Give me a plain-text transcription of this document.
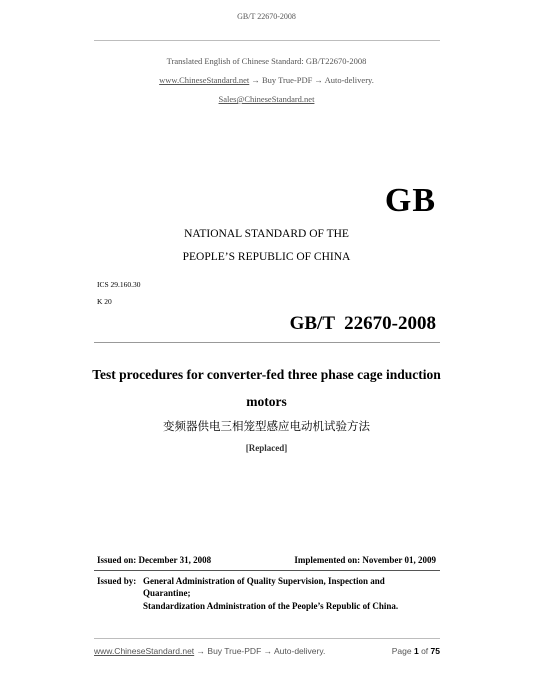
GB/T 22670-2008
Translated English of Chinese Standard: GB/T22670-2008
www.ChineseStandard.net → Buy True-PDF → Auto-delivery.
Sales@ChineseStandard.net
GB
NATIONAL STANDARD OF THE
PEOPLE’S REPUBLIC OF CHINA
ICS 29.160.30
K 20
GB/T  22670-2008
Test procedures for converter-fed three phase cage induction
motors
变频器供电三相笼型感应电动机试验方法
[Replaced]
Issued on: December 31, 2008	Implemented on: November 01, 2009
Issued by: General Administration of Quality Supervision, Inspection and
Quarantine;
Standardization Administration of the People’s Republic of China.
www.ChineseStandard.net → Buy True-PDF → Auto-delivery.	Page 1 of 75
